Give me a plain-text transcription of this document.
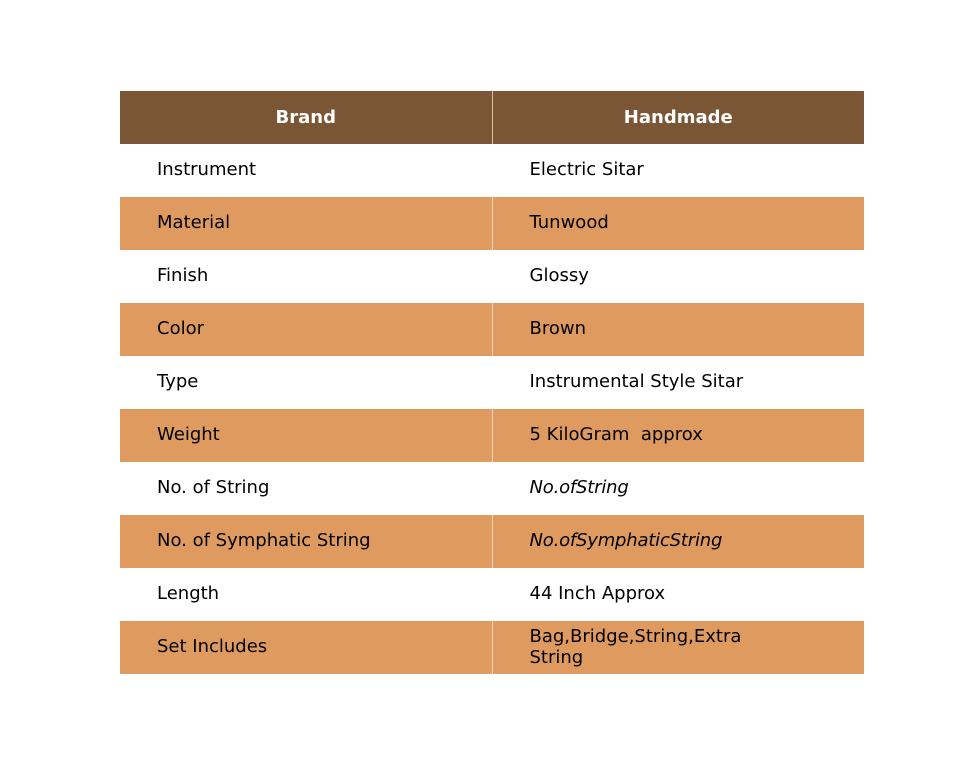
Brand	Handmade
Instrument	Electric Sitar
Material	Tunwood
Finish	Glossy
Color	Brown
Type	Instrumental Style Sitar
Weight	5 KiloGram  approx
No. of String	No.ofString
No. of Symphatic String	No.ofSymphaticString
Length	44 Inch Approx
Set Includes	Bag,Bridge,String,Extra String
